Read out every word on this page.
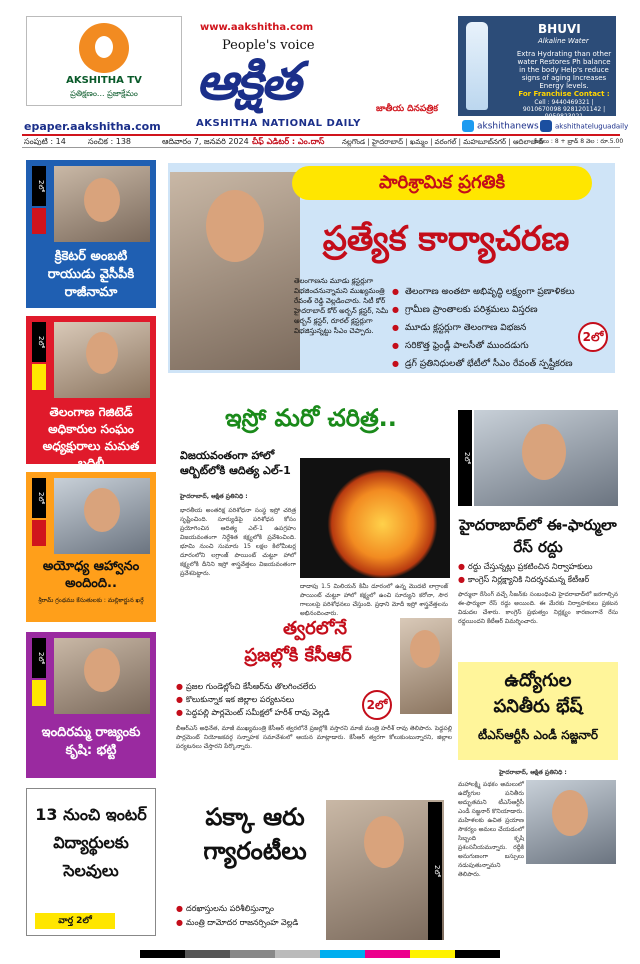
AKSHITHA TV
ప్రతిక్షణం... ప్రజాక్షేమం
www.aakshitha.com
People's voice
ఆక్షిత	జాతీయ దినపత్రిక
AKSHITHA NATIONAL DAILY
BHUVI
Alkaline Water
Extra Hydrating than other water Restores Ph balance in the body Help's reduce signs of aging Increases Energy levels.
For Franchise Contact :
Cell : 9440469321 | 9010670098 9281201142 | 9959823021
epaper.aakshitha.com	akshithanews	akshithateluguadaily
సంపుటి : 14	సంచిక : 138	ఆదివారం 7, జనవరి 2024 చీఫ్ ఎడిటర్ : ఎం.దాస్	నల్లగొండ | హైదరాబాద్ | ఖమ్మం | వరంగల్ | మహబూబ్‌నగర్ | ఆదిలాబాద్
పేజీలు : 8 + బ్రాడ్ 8 వెల : రూ.5.00
2లో
క్రికెటర్ అంబటి రాయుడు వైసీపీకి రాజీనామా
2లో
తెలంగాణ గెజిటెడ్ అధికారుల సంఘం అధ్యక్షురాలు మమత బదిలీ
2లో
అయోధ్య ఆహ్వానం అందింది..
శ్రీరామ్ గ్రంథము కేసుతులకు : మల్లికార్జున ఖర్గే
2లో
ఇందిరమ్మ రాజ్యంకు కృషి: భట్టి
పారిశ్రామిక ప్రగతికి
ప్రత్యేక కార్యాచరణ
తెలంగాణను మూడు క్లస్టర్లుగా విభజించనున్నామని ముఖ్యమంత్రి రేవంత్ రెడ్డి వెల్లడించారు. సిటీ కోర్ హైదరాబాద్ కోర్ అర్బన్ క్లస్టర్, సెమీ అర్బన్ క్లస్టర్, రూరల్ క్లస్టర్లుగా విభజిస్తున్నట్టు సీఎం చెప్పారు.
● తెలంగాణ అంతటా అభివృద్ధి లక్ష్యంగా ప్రణాళికలు
● గ్రామీణ ప్రాంతాలకు పరిశ్రమలు విస్తరణ
● మూడు క్లస్టర్లుగా తెలంగాణ విభజన
● సరికొత్త ఫ్రెండ్లీ పాలసీతో ముందడుగు
● డ్రగ్ ప్రతినిధులతో భేటీలో సీఎం రేవంత్ స్పష్టీకరణ
2లో
ఇస్రో మరో చరిత్ర..
విజయవంతంగా హాలో ఆర్బిట్‌లోకి ఆదిత్య ఎల్-1
హైదరాబాద్, ఆక్షిత ప్రతినిధి :
భారతీయ అంతరిక్ష పరిశోధనా సంస్థ ఇస్రో చరిత్ర సృష్టించింది. సూర్యుడిపై పరిశోధన కోసం ప్రయోగించిన ఆదిత్య ఎల్-1 ఉపగ్రహం విజయవంతంగా నిర్దేశిత కక్ష్యలోకి ప్రవేశించింది. భూమి నుంచి సుమారు 15 లక్షల కిలోమీటర్ల దూరంలోని లగ్రాంజ్ పాయింట్ చుట్టూ హాలో కక్ష్యలోకి దీనిని ఇస్రో శాస్త్రవేత్తలు విజయవంతంగా ప్రవేశపెట్టారు.
దాదాపు 1.5 మిలియన్ కిమీ దూరంలో ఉన్న మొదటి లాగ్రాంజ్ పాయింట్ చుట్టూ హాలో కక్ష్యలో ఉంచి సూర్యుని కరోనా, సౌర గాలులపై పరిశోధనలు చేస్తుంది. ప్రధాని మోదీ ఇస్రో శాస్త్రవేత్తలను అభినందించారు.
2లో
హైదరాబాద్‌లో ఈ-ఫార్ములా రేస్ రద్దు
● రద్దు చేస్తున్నట్లు ప్రకటించిన నిర్వాహకులు
● కాంగ్రెస్ నిర్లక్ష్యానికి నిదర్శనమన్న కేటీఆర్
ఫార్ములా రేసింగ్ వచ్చే సీజన్‌కు సంబంధించి హైదరాబాద్‌లో జరగాల్సిన ఈ-ఫార్ములా రేస్ రద్దు అయింది. ఈ మేరకు నిర్వాహకులు ప్రకటన విడుదల చేశారు. కాంగ్రెస్ ప్రభుత్వం నిర్లక్ష్యం కారణంగానే రేసు రద్దయిందని కేటీఆర్ విమర్శించారు.
త్వరలోనే
ప్రజల్లోకి కేసీఆర్
2లో
● ప్రజల గుండెల్లోంచి కేసీఆర్‌ను తొలగించలేరు
● కొలుకున్నాక ఇక జిల్లాల పర్యటనలు
● పెద్దపల్లి పార్లమెంట్ సమీక్షలో హరీశ్ రావు వెల్లడి
బీఆర్ఎస్ అధినేత, మాజీ ముఖ్యమంత్రి కేసీఆర్ త్వరలోనే ప్రజల్లోకి వస్తారని మాజీ మంత్రి హరీశ్ రావు తెలిపారు. పెద్దపల్లి పార్లమెంట్ నియోజకవర్గ సన్నాహక సమావేశంలో ఆయన మాట్లాడారు. కేసీఆర్ త్వరగా కోలుకుంటున్నారని, జిల్లాల పర్యటనలు చేస్తారని పేర్కొన్నారు.
ఉద్యోగుల
పనితీరు భేష్
టీఎస్ఆర్టీసీ ఎండీ సజ్జనార్
హైదరాబాద్, ఆక్షిత ప్రతినిధి :
మహాలక్ష్మి పథకం అమలులో ఉద్యోగుల పనితీరు అద్భుతమని టీఎస్ఆర్టీసీ ఎండీ సజ్జనార్ కొనియాడారు. మహిళలకు ఉచిత ప్రయాణ సౌకర్యం అమలు చేయడంలో సిబ్బంది కృషి ప్రశంసనీయమన్నారు. రద్దీకి అనుగుణంగా బస్సులు నడుపుతున్నామని తెలిపారు.
13 నుంచి ఇంటర్ విద్యార్థులకు సెలవులు
వార్త 2లో
పక్కా ఆరు గ్యారంటీలు
2లో
● దరఖాస్తులను పరిశీలిస్తున్నాం
● మంత్రి దామోదర రాజనర్సింహ వెల్లడి
